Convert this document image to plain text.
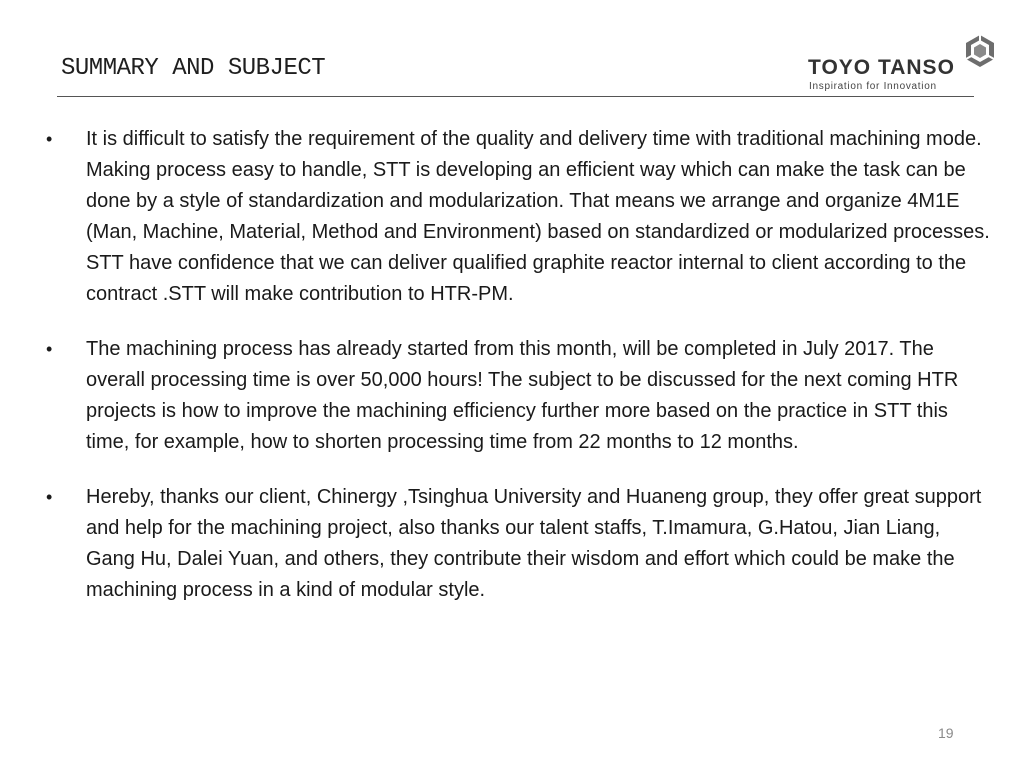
SUMMARY AND SUBJECT	TOYO TANSO
Inspiration for Innovation
• It is difficult to satisfy the requirement of the quality and delivery time with traditional machining mode. Making process easy to handle, STT is developing an efficient way which can make the task can be done by a style of standardization and modularization. That means we arrange and organize 4M1E (Man, Machine, Material, Method and Environment) based on standardized or modularized processes. STT have confidence that we can deliver qualified graphite reactor internal to client according to the contract .STT will make contribution to HTR-PM.
• The machining process has already started from this month, will be completed in July 2017. The overall processing time is over 50,000 hours! The subject to be discussed for the next coming HTR projects is how to improve the machining efficiency further more based on the practice in STT this time, for example, how to shorten processing time from 22 months to 12 months.
• Hereby, thanks our client, Chinergy ,Tsinghua University and Huaneng group, they offer great support and help for the machining project, also thanks our talent staffs, T.Imamura, G.Hatou, Jian Liang, Gang Hu, Dalei Yuan, and others, they contribute their wisdom and effort which could be make the machining process in a kind of modular style.
19
